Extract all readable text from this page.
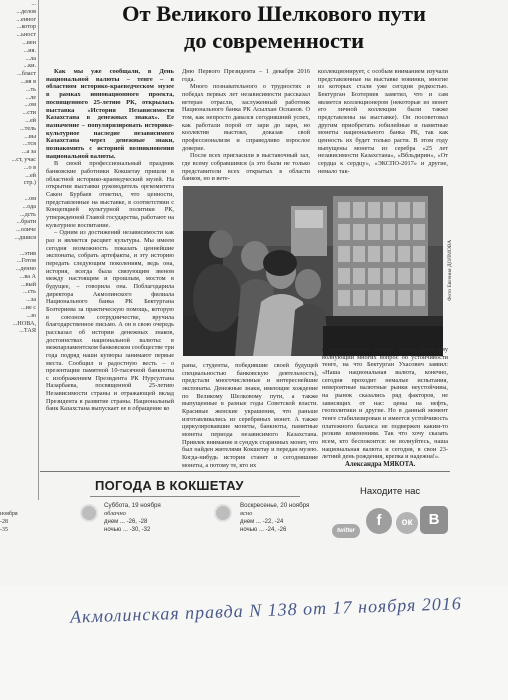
...
...делов
...енног
...котор
...ьност
...вен
...ия.
...ла
...ки.
...бласт
...ия в
...ть
...ле
...ом
...сти
...ей
...тель
...вы
...тся
...а за
...ст, учас
...о в
...ей
стр.)

...ом
...ода
...дсть
...брати
...оличе
...дшися

...этив
...Готов
...денно
...ва А
...вый
...сть
...за
...ие с
...ю
...НОВА,
...ТАЯ
От Великого Шелкового пути
до современности

Как мы уже сообщали, в День национальной валюты – тенге – в областном историко-краеведческом музее в рамках инновационного проекта, посвященного 25-летию РК, открылась выставка «История Независимости Казахстана в денежных знаках». Ее назначение – популяризировать историко-культурное наследие независимого Казахстана через денежные знаки, познакомить с историей возникновения национальной валюты.

В своей профессиональный праздник банковские работники Кокшетау пришли в областной историко-краеведческий музей. На открытии выставки руководитель оргкомитета Сакен Бурбаев отметил, что ценности, представленные на выставке, в соответствии с Концепцией культурной политики РК, утвержденной Главой государства, работают на культурное воспитание.

– Одним из достижений независимости как раз и является расцвет культуры. Мы имеем сегодня возможность показать ценнейшие экспонаты, собрать артефакты, и эту историю передать следующим поколениям, ведь она, история, всегда была связующим звеном между настоящим и прошлым, мостом в будущее, – говорила она. Поблагодарила директора Акмолинского филиала Национального банка РК Бектургана Бозтериева за практическую помощь, которую в союзном сотрудничестве, вручила благодарственное письмо. А он в свою очередь рассказал об истории денежных знаков, достоинствах национальной валюты: в межпарламентском банковском сообществе три года подряд наши купюры занимают первые места. Сообщил и радостную весть – о презентации памятной 10-тысячной банкноты с изображением Президента РК Нурсултана Назарбаева, посвященной 25-летию Независимости страны и отражающей вклад Президента в развитие страны. Национальный банк Казахстана выпускает ее в обращение ко

Дню Первого Президента – 1 декабря 2016 года.

Много познавательного о трудностях и победах первых лет независимости рассказал ветеран отрасли, заслуженный работник Национального банка РК Асылхан Оспанов. О том, как непросто давался сегодняшний успех, как работали порой от зари до зари, но коллектив выстоял, доказав свой профессионализм и справедливо взрослое доверие.

После всех пригласили в выставочный зал, где всему собравшимся (а это были не только представители всех открытых в области банков, но и вете-

коллекционирует, с особым вниманием изучали представленные на выставке новинки, многие из которых стали уже сегодня редкостью. Бектурган Бозтериев заметил, что и сам является коллекционером (некоторые из монет его личной коллекции были также представлены на выставке). Он посоветовал другим приобретать юбилейные и памятные монеты национального банка РК, так как ценность их будет только расти. В этом году выпущены монеты из серебра «25 лет независимости Казахстана», «Вбльдирин», «От сердца к сердцу», «ЭКСПО-2017» и другие, немало так-

Фото Евгения ДОЛМОВА

раны, студенты, победившие своей будущей специальностью банковскую деятельность), предстали многочисленные и интереснейшие экспонаты. Денежные знаки, имеющие хождение по Великому Шелковому пути, а также выпущенные в разные годы Советской власти. Красивые женские украшения, что раньше изготавливались из серебряных монет. А также циркулировавшие монеты, банкноты, памятные монеты периода независимого Казахстана. Привлек внимание и сундук старинных монет, что был найден жителями Кокшетау и передан музею. Когда-нибудь история станет и сегодняшние монеты, а потому те, кто их

и коллекционных золотых монет. Задаю ему волнующий многих вопрос об устойчивости тенге, на что Бектурган Ухасович заявил: «Наша национальная валюта, конечно, сегодня проходит немалые испытания, невероятные валютные рынки неустойчивы, на рынок сказались ряд факторов, не зависящих от нас: цены на нефть, геополитики и другие. Но в данный момент тенге стабилизирован и имеется устойчивость платежного баланса не подвержен каким-то резким изменениям. Так что хочу сказать всем, кто беспокоится: не волнуйтесь, наша национальная валюта и сегодня, в свои 23-летний день рождения, крепка и надежна!».

Александра МЯКОТА.
ноября
-28
-35
ПОГОДА В КОКШЕТАУ
Суббота, 19 ноября
облачно
днем ... -26, -28
ночью ... -30, -32
Воскресенье, 20 ноября
ясно
днем ... -22, -24
ночью ... -24, -26
Находите нас
twitter
f	ок	B
Акмолинская правда N 138 от 17 ноября 2016
